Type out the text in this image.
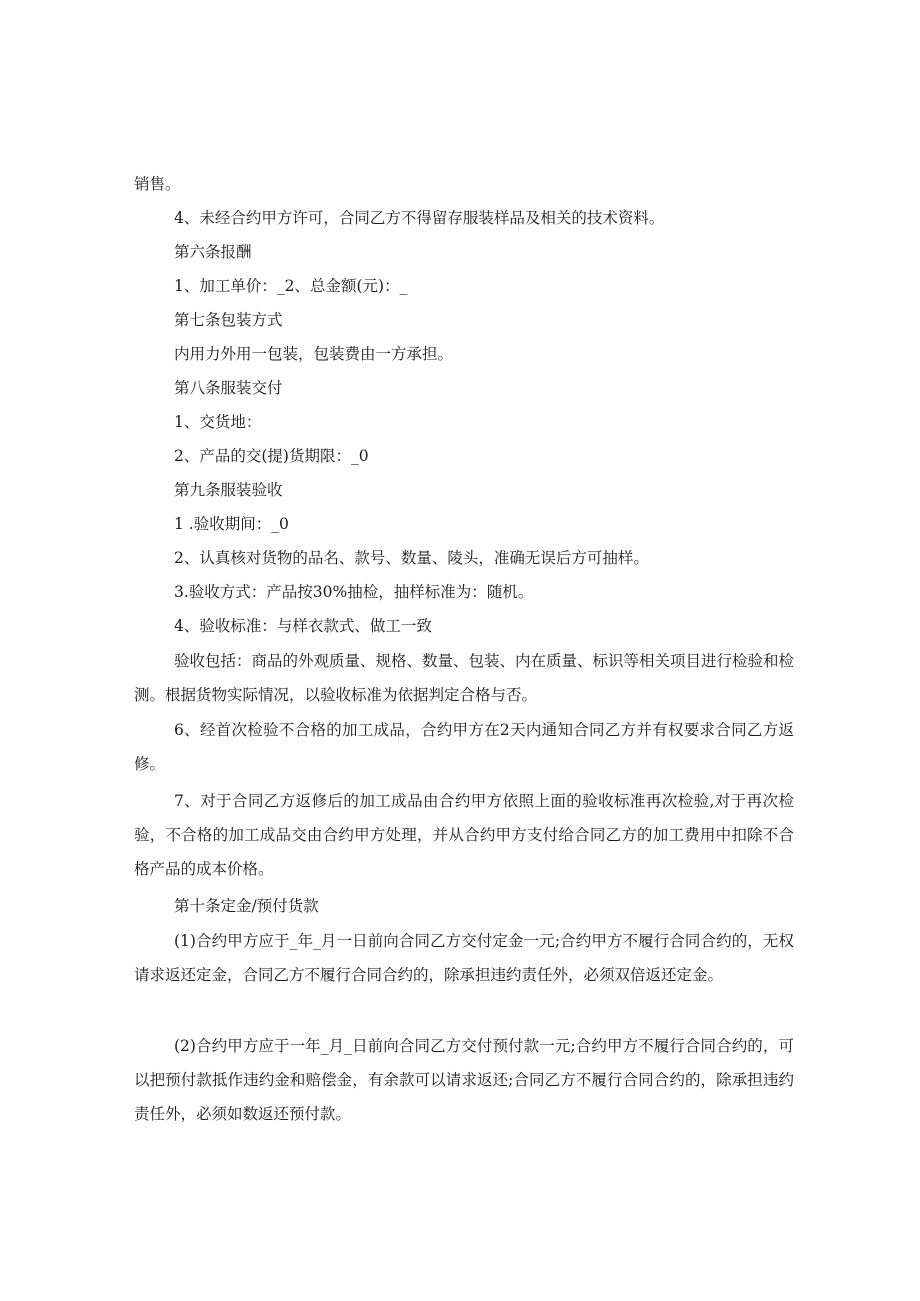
销售。

4、未经合约甲方许可，合同乙方不得留存服装样品及相关的技术资料。

第六条报酬

1、加工单价：_2、总金额(元)：_

第七条包装方式

内用力外用一包装，包装费由一方承担。

第八条服装交付

1、交货地：

2、产品的交(提)货期限：_0

第九条服装验收

1 .验收期间：_0

2、认真核对货物的品名、款号、数量、陵头，准确无误后方可抽样。

3.验收方式：产品按30%抽检，抽样标准为：随机。

4、验收标准：与样衣款式、做工一致

验收包括：商品的外观质量、规格、数量、包装、内在质量、标识等相关项目进行检验和检测。根据货物实际情况，以验收标准为依据判定合格与否。

6、经首次检验不合格的加工成品，合约甲方在2天内通知合同乙方并有权要求合同乙方返修。

7、对于合同乙方返修后的加工成品由合约甲方依照上面的验收标准再次检验,对于再次检验，不合格的加工成品交由合约甲方处理，并从合约甲方支付给合同乙方的加工费用中扣除不合格产品的成本价格。

第十条定金/预付货款

(1)合约甲方应于_年_月一日前向合同乙方交付定金一元;合约甲方不履行合同合约的，无权请求返还定金，合同乙方不履行合同合约的，除承担违约责任外，必须双倍返还定金。

(2)合约甲方应于一年_月_日前向合同乙方交付预付款一元;合约甲方不履行合同合约的，可以把预付款抵作违约金和赔偿金，有余款可以请求返还;合同乙方不履行合同合约的，除承担违约责任外，必须如数返还预付款。
